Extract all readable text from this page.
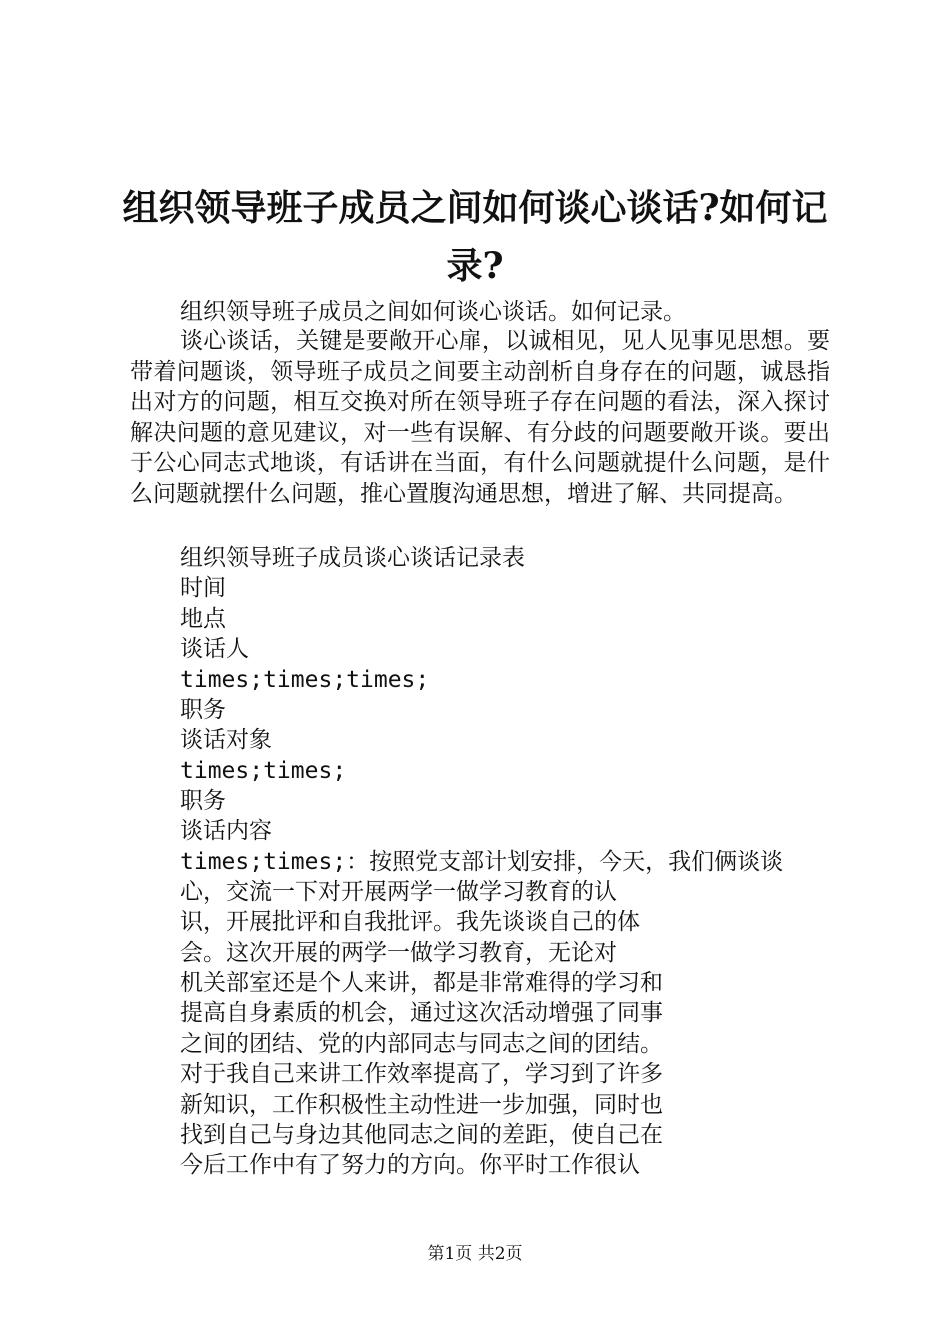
组织领导班子成员之间如何谈心谈话?如何记
录?
组织领导班子成员之间如何谈心谈话。如何记录。
谈心谈话，关键是要敞开心扉，以诚相见，见人见事见思想。要带着问题谈，领导班子成员之间要主动剖析自身存在的问题，诚恳指出对方的问题，相互交换对所在领导班子存在问题的看法，深入探讨解决问题的意见建议，对一些有误解、有分歧的问题要敞开谈。要出于公心同志式地谈，有话讲在当面，有什么问题就提什么问题，是什么问题就摆什么问题，推心置腹沟通思想，增进了解、共同提高。
组织领导班子成员谈心谈话记录表
时间
地点
谈话人
times;times;times;
职务
谈话对象
times;times;
职务
谈话内容
times;times;：按照党支部计划安排，今天，我们俩谈谈
心，交流一下对开展两学一做学习教育的认
识，开展批评和自我批评。我先谈谈自己的体
会。这次开展的两学一做学习教育，无论对
机关部室还是个人来讲，都是非常难得的学习和
提高自身素质的机会，通过这次活动增强了同事
之间的团结、党的内部同志与同志之间的团结。
对于我自己来讲工作效率提高了，学习到了许多
新知识，工作积极性主动性进一步加强，同时也
找到自己与身边其他同志之间的差距，使自己在
今后工作中有了努力的方向。你平时工作很认
第1页 共2页
